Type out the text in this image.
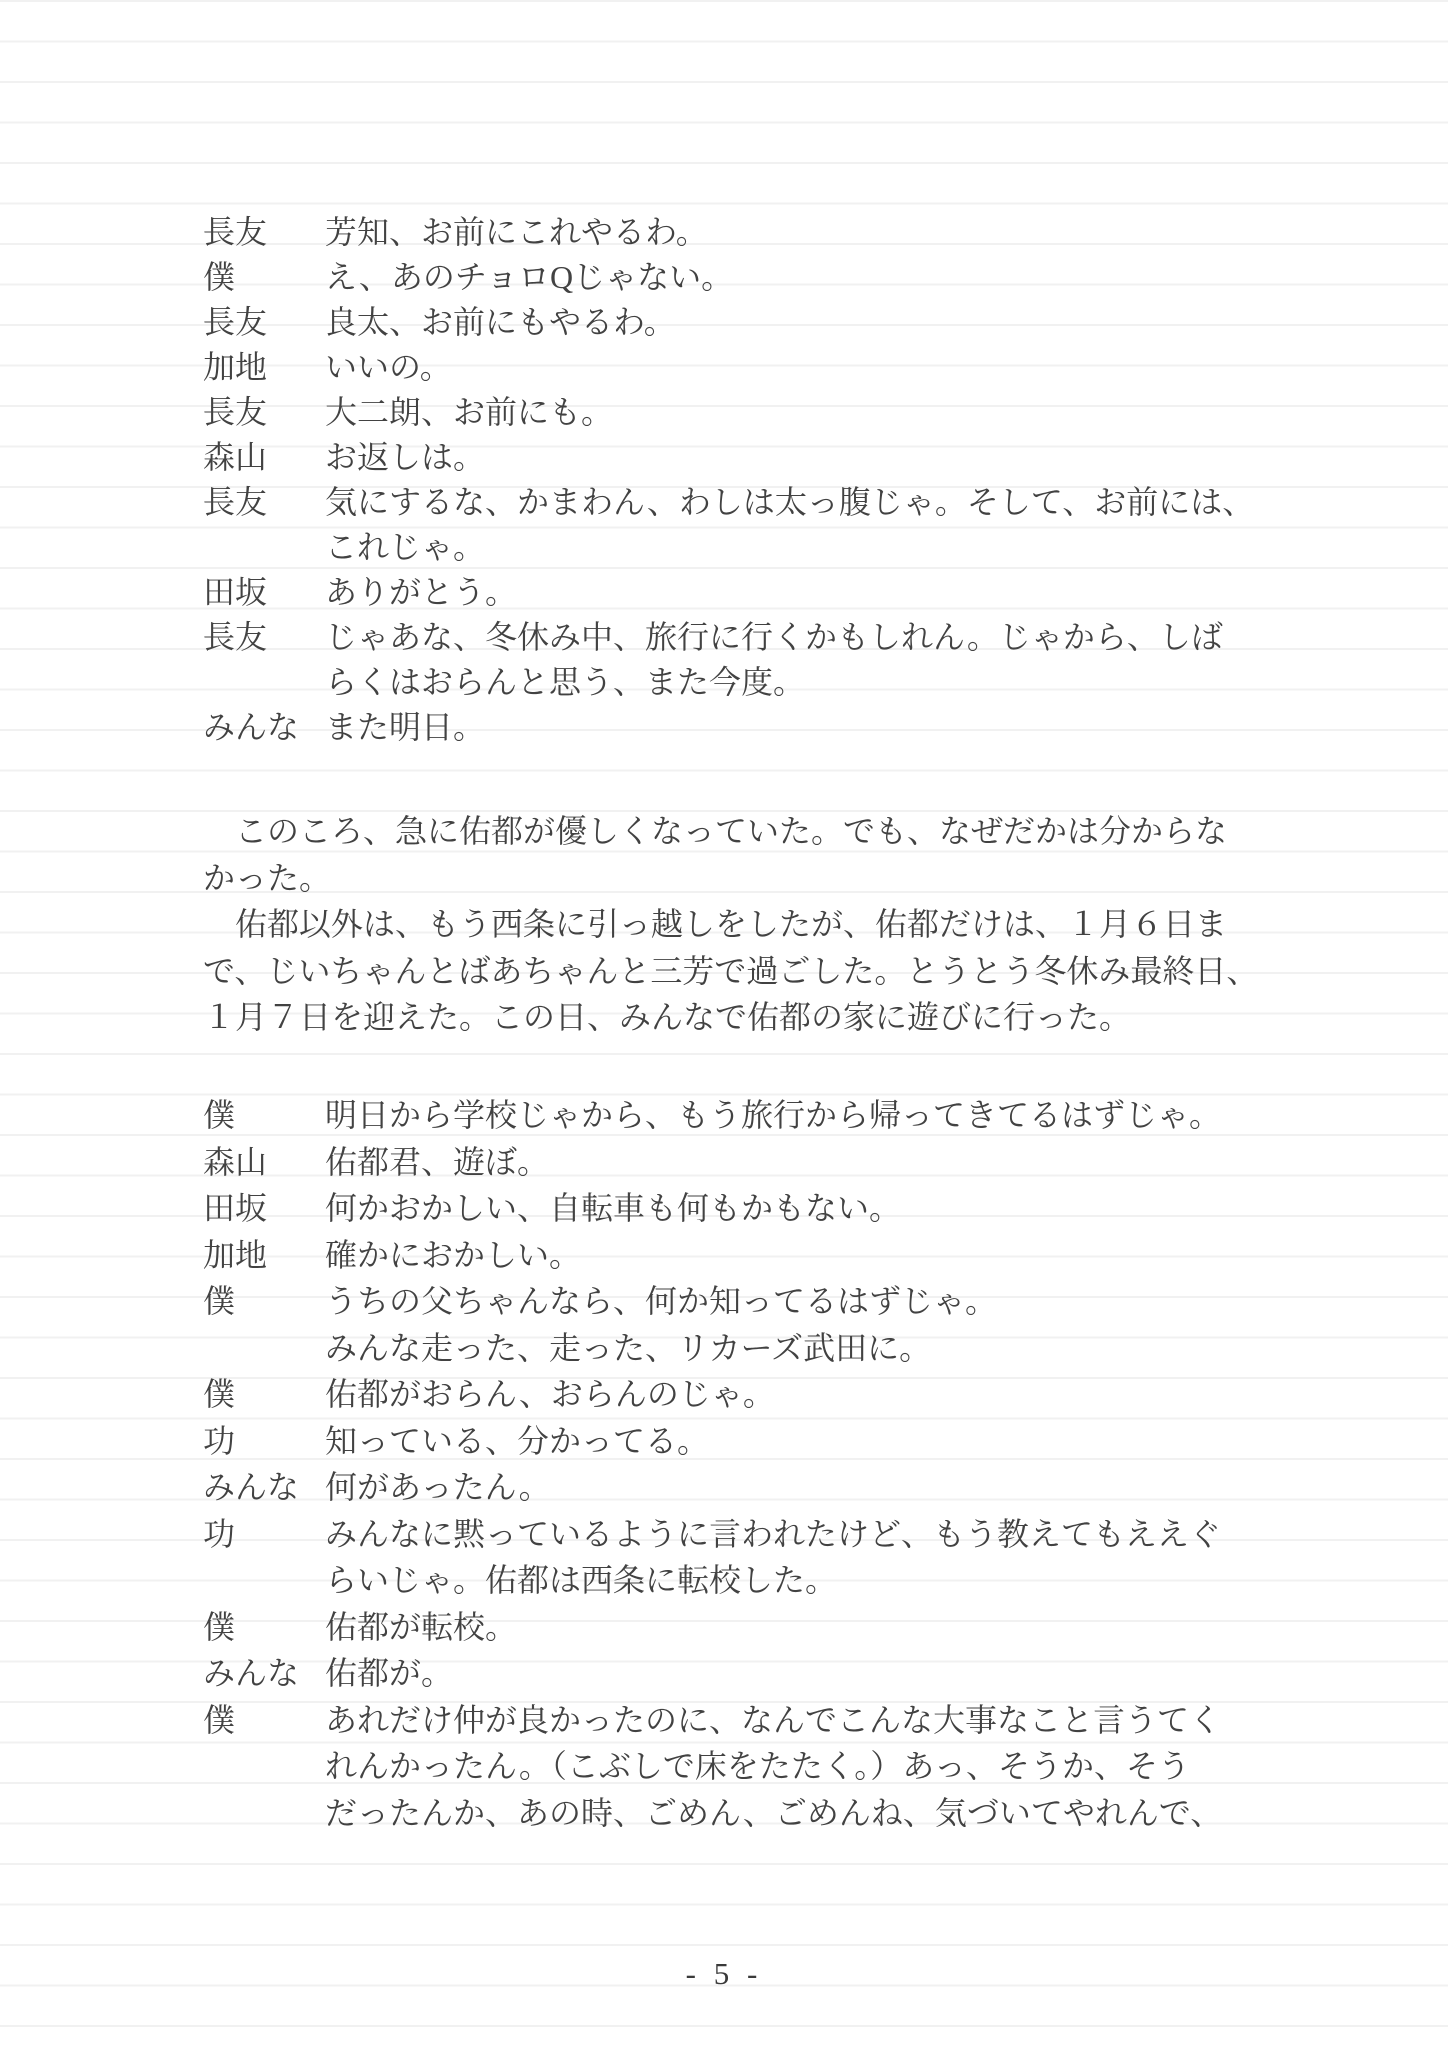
長友	芳知、お前にこれやるわ。
僕	え、あのチョロQじゃない。
長友	良太、お前にもやるわ。
加地	いいの。
長友	大二朗、お前にも。
森山	お返しは。
長友	気にするな、かまわん、わしは太っ腹じゃ。そして、お前には、
これじゃ。
田坂	ありがとう。
長友	じゃあな、冬休み中、旅行に行くかもしれん。じゃから、しば
らくはおらんと思う、また今度。
みんな また明日。
　このころ、急に佑都が優しくなっていた。でも、なぜだかは分からな
かった。
　佑都以外は、もう西条に引っ越しをしたが、佑都だけは、１月６日ま
で、じいちゃんとばあちゃんと三芳で過ごした。とうとう冬休み最終日、
１月７日を迎えた。この日、みんなで佑都の家に遊びに行った。
僕	明日から学校じゃから、もう旅行から帰ってきてるはずじゃ。
森山	佑都君、遊ぼ。
田坂	何かおかしい、自転車も何もかもない。
加地	確かにおかしい。
僕	うちの父ちゃんなら、何か知ってるはずじゃ。
みんな走った、走った、リカーズ武田に。
僕	佑都がおらん、おらんのじゃ。
功	知っている、分かってる。
みんな 何があったん。
功	みんなに黙っているように言われたけど、もう教えてもええぐ
らいじゃ。佑都は西条に転校した。
僕	佑都が転校。
みんな 佑都が。
僕	あれだけ仲が良かったのに、なんでこんな大事なこと言うてく
れんかったん。（こぶしで床をたたく。）あっ、そうか、そう
だったんか、あの時、ごめん、ごめんね、気づいてやれんで、
- 5 -
